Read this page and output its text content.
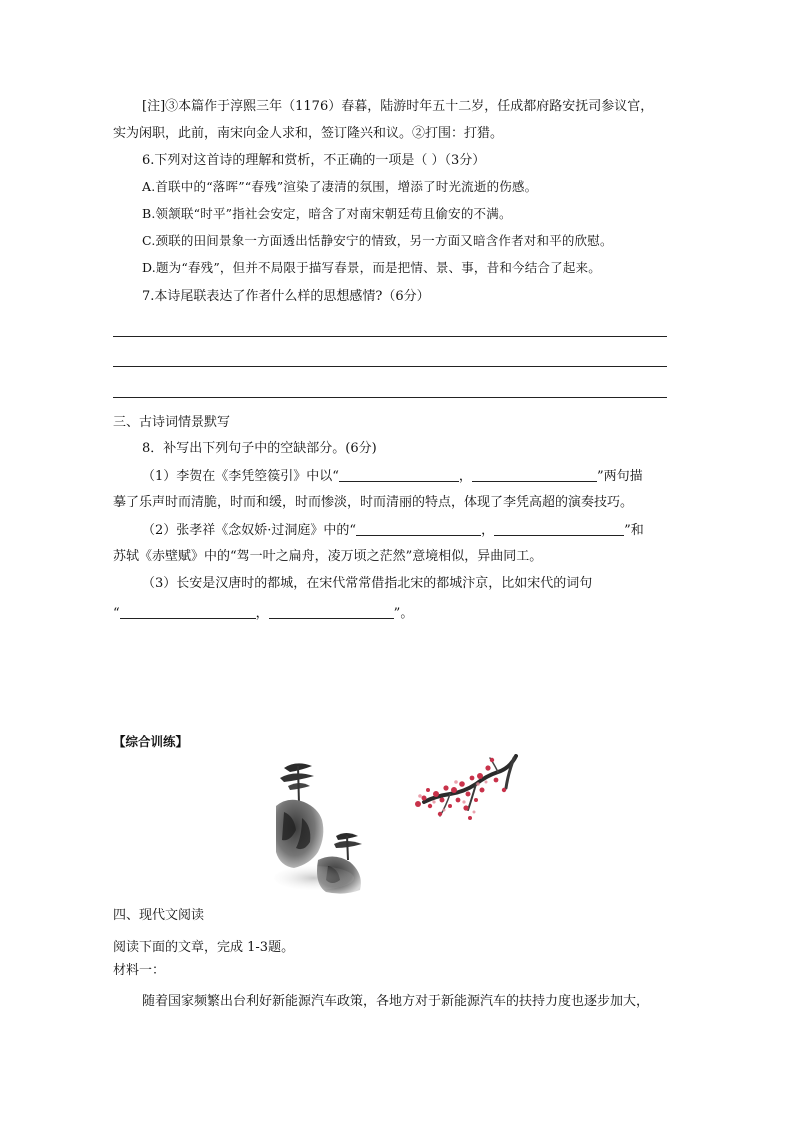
[注]③本篇作于淳熙三年（1176）春暮，陆游时年五十二岁，任成都府路安抚司参议官，
实为闲职，此前，南宋向金人求和，签订隆兴和议。②打围：打猎。
6.下列对这首诗的理解和赏析，不正确的一项是（ ）（3分）
A.首联中的“落晖”“春残”渲染了凄清的氛围，增添了时光流逝的伤感。
B.领颔联“时平”指社会安定，暗含了对南宋朝廷苟且偷安的不满。
C.颈联的田间景象一方面透出恬静安宁的情致，另一方面又暗含作者对和平的欣慰。
D.题为“春残”，但并不局限于描写春景，而是把情、景、事，昔和今结合了起来。
7.本诗尾联表达了作者什么样的思想感情?（6分）
三、古诗词情景默写
8．补写出下列句子中的空缺部分。(6分)
（1）李贺在《李凭箜篌引》中以“	，	”两句描
摹了乐声时而清脆，时而和缓，时而惨淡，时而清丽的特点，体现了李凭高超的演奏技巧。
（2）张孝祥《念奴娇·过洞庭》中的“	，	”和
苏轼《赤壁赋》中的“驾一叶之扁舟，凌万顷之茫然”意境相似，异曲同工。
（3）长安是汉唐时的都城，在宋代常常借指北宋的都城汴京，比如宋代的词句
“	，	”。
【综合训练】
四、现代文阅读
阅读下面的文章，完成 1-3题。
材料一：
随着国家频繁出台利好新能源汽车政策，各地方对于新能源汽车的扶持力度也逐步加大，
